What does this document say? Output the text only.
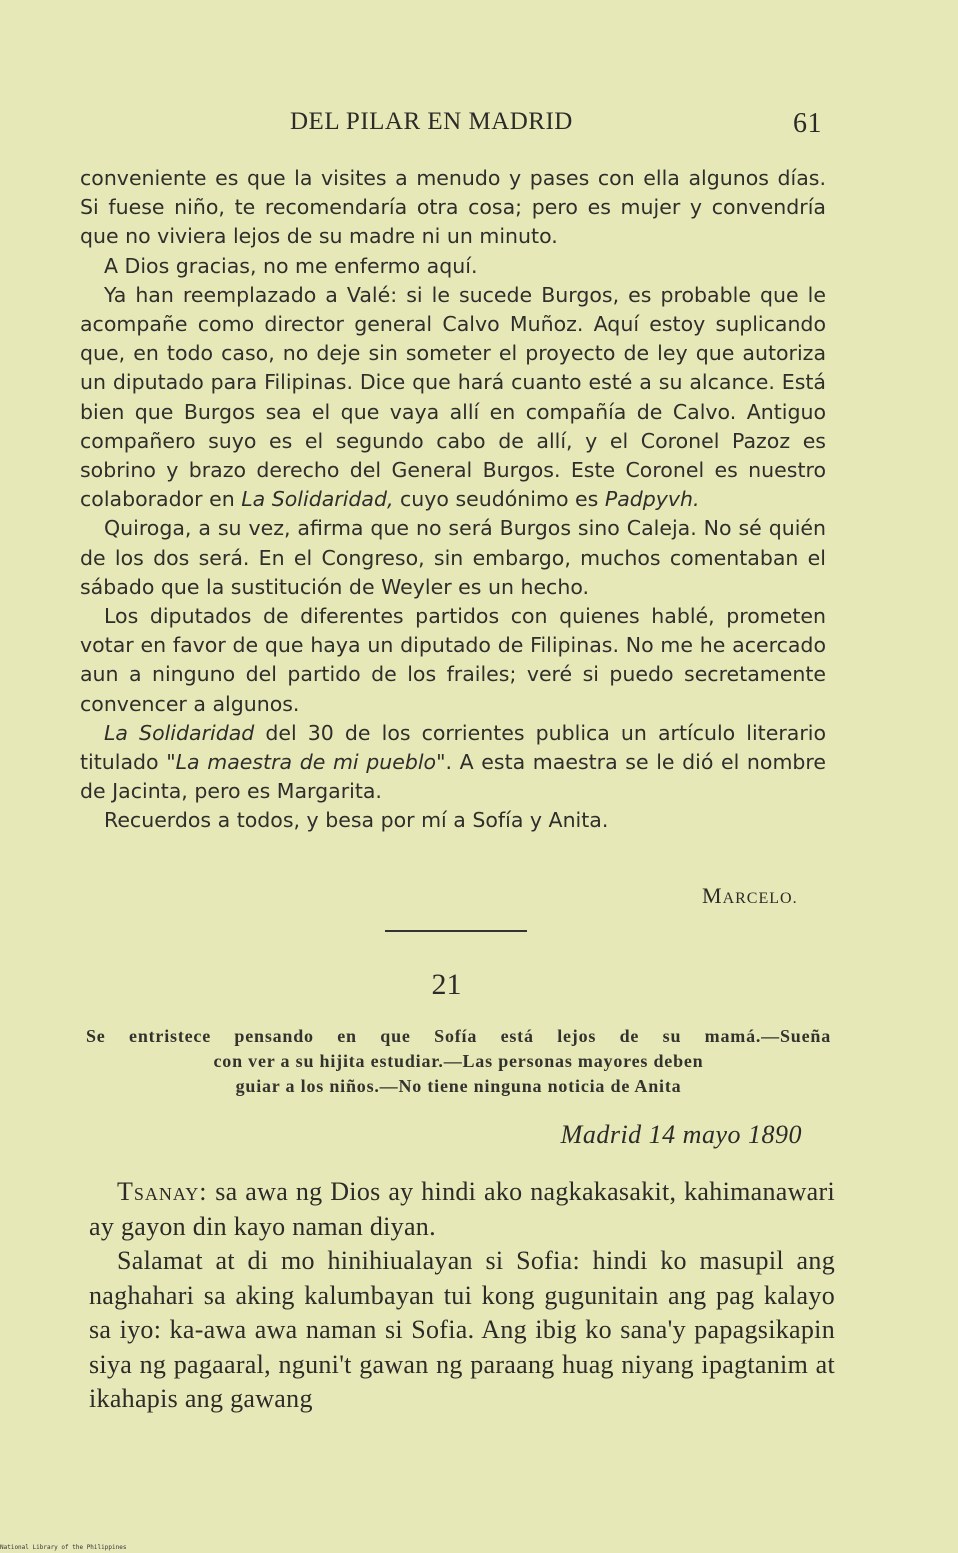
DEL PILAR EN MADRID	61

conveniente es que la visites a menudo y pases con ella algunos días. Si fuese niño, te recomendaría otra cosa; pero es mujer y convendría que no viviera lejos de su madre ni un minuto.

A Dios gracias, no me enfermo aquí.

Ya han reemplazado a Valé: si le sucede Burgos, es probable que le acompañe como director general Calvo Muñoz. Aquí estoy suplicando que, en todo caso, no deje sin someter el proyecto de ley que autoriza un diputado para Filipinas. Dice que hará cuanto esté a su alcance. Está bien que Burgos sea el que vaya allí en compañía de Calvo. Antiguo compañero suyo es el segundo cabo de allí, y el Coronel Pazoz es sobrino y brazo derecho del General Burgos. Este Coronel es nuestro colaborador en La Solidaridad, cuyo seudónimo es Padpyvh.

Quiroga, a su vez, afirma que no será Burgos sino Caleja. No sé quién de los dos será. En el Congreso, sin embargo, muchos comentaban el sábado que la sustitución de Weyler es un hecho.

Los diputados de diferentes partidos con quienes hablé, prometen votar en favor de que haya un diputado de Filipinas. No me he acercado aun a ninguno del partido de los frailes; veré si puedo secretamente convencer a algunos.

La Solidaridad del 30 de los corrientes publica un artículo literario titulado "La maestra de mi pueblo". A esta maestra se le dió el nombre de Jacinta, pero es Margarita.

Recuerdos a todos, y besa por mí a Sofía y Anita.

MARCELO.
21
Se entristece pensando en que Sofía está lejos de su mamá.—Sueña
con ver a su hijita estudiar.—Las personas mayores deben
guiar a los niños.—No tiene ninguna noticia de Anita
Madrid 14 mayo 1890

Tsanay: sa awa ng Dios ay hindi ako nagkakasakit, kahimanawari ay gayon din kayo naman diyan.

Salamat at di mo hinihiualayan si Sofia: hindi ko masupil ang naghahari sa aking kalumbayan tui kong gugunitain ang pag kalayo sa iyo: ka-awa awa naman si Sofia. Ang ibig ko sana'y papagsikapin siya ng pagaaral, nguni't gawan ng paraang huag niyang ipagtanim at ikahapis ang gawang

National Library of the Philippines
